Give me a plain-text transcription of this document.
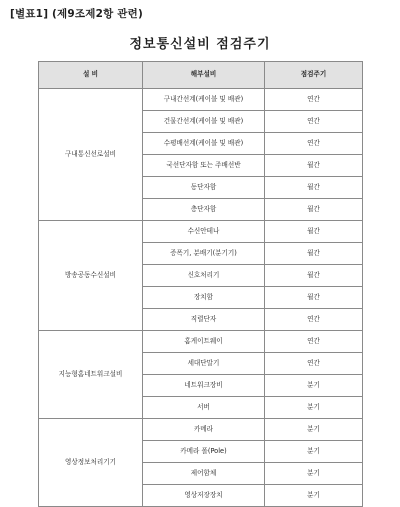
[별표1] (제9조제2항 관련)
정보통신설비 점검주기
설 비	해부설비	점검주기
구내통신선로설비	구내간선계(케이블 및 배관)	연간
	건물간선계(케이블 및 배관)	연간
	수평배선계(케이블 및 배관)	연간
	국선단자함 또는 주배선반	월간
	동단자함	월간
	층단자함	월간
방송공동수신설비	수신안테나	월간
	증폭기, 분배기(분기기)	월간
	신호처리기	월간
	장치함	월간
	직렬단자	연간
지능형홈네트워크설비	홈게이트웨이	연간
	세대단말기	연간
	네트워크장비	분기
	서버	분기
영상정보처리기기	카메라	분기
	카메라 폴(Pole)	분기
	제어함체	분기
	영상저장장치	분기
